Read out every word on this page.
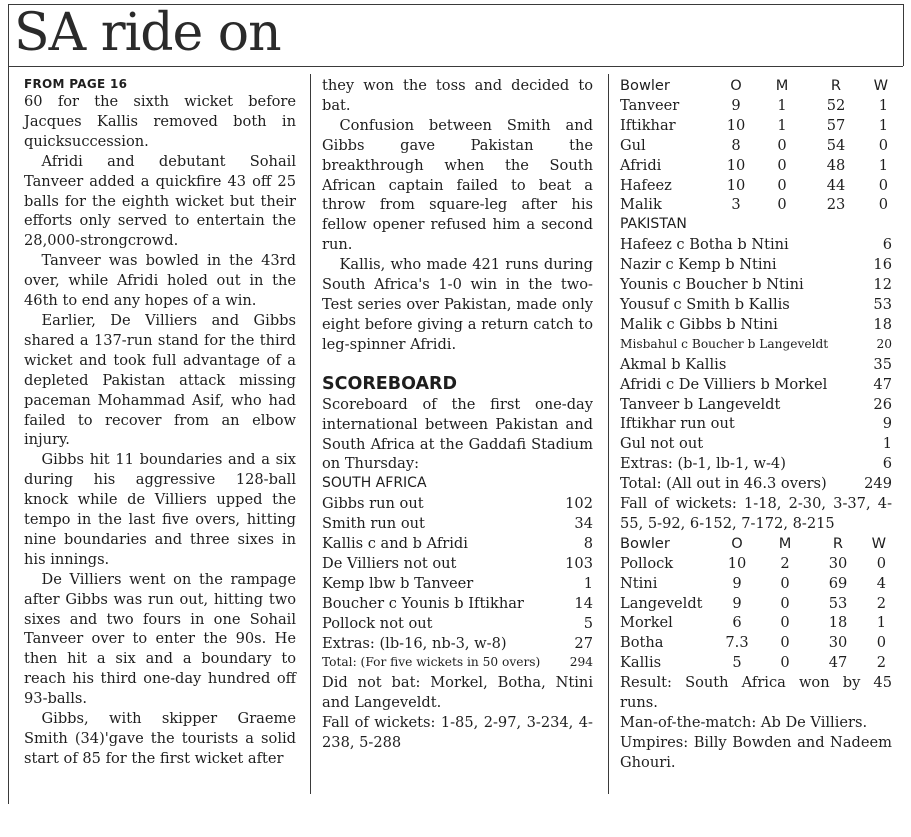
SA ride on
FROM PAGE 16

60 for the sixth wicket before Jacques Kallis removed both in quicksuccession.

Afridi and debutant Sohail Tanveer added a quickfire 43 off 25 balls for the eighth wicket but their efforts only served to entertain the 28,000-strongcrowd.

Tanveer was bowled in the 43rd over, while Afridi holed out in the 46th to end any hopes of a win.

Earlier, De Villiers and Gibbs shared a 137-run stand for the third wicket and took full advantage of a depleted Pakistan attack missing paceman Mohammad Asif, who had failed to recover from an elbow injury.

Gibbs hit 11 boundaries and a six during his aggressive 128-ball knock while de Villiers upped the tempo in the last five overs, hitting nine boundaries and three sixes in his innings.

De Villiers went on the rampage after Gibbs was run out, hitting two sixes and two fours in one Sohail Tanveer over to enter the 90s. He then hit a six and a boundary to reach his third one-day hundred off 93-balls.

Gibbs, with skipper Graeme Smith (34)'gave the tourists a solid start of 85 for the first wicket after

they won the toss and decided to bat.

Confusion between Smith and Gibbs gave Pakistan the breakthrough when the South African captain failed to beat a throw from square-leg after his fellow opener refused him a second run.

Kallis, who made 421 runs during South Africa's 1-0 win in the two-Test series over Pakistan, made only eight before giving a return catch to leg-spinner Afridi.

SCOREBOARD

Scoreboard of the first one-day international between Pakistan and South Africa at the Gaddafi Stadium on Thursday:

SOUTH AFRICA
Gibbs run out	102
Smith run out	34
Kallis c and b Afridi	8
De Villiers not out	103
Kemp lbw b Tanveer	1
Boucher c Younis b Iftikhar	14
Pollock not out	5
Extras: (lb-16, nb-3, w-8)	27
Total: (For five wickets in 50 overs) 294

Did not bat: Morkel, Botha, Ntini and Langeveldt.

Fall of wickets: 1-85, 2-97, 3-234, 4-238, 5-288

Bowler	O	M	R	W
Tanveer	9	1	52	1
Iftikhar	10	1	57	1
Gul	8	0	54	0
Afridi	10	0	48	1
Hafeez	10	0	44	0
Malik	3	0	23	0
PAKISTAN
Hafeez c Botha b Ntini	6
Nazir c Kemp b Ntini	16
Younis c Boucher b Ntini	12
Yousuf c Smith b Kallis	53
Malik c Gibbs b Ntini	18
Misbahul c Boucher b Langeveldt	20
Akmal b Kallis	35
Afridi c De Villiers b Morkel	47
Tanveer b Langeveldt	26
Iftikhar run out	9
Gul not out	1
Extras: (b-1, lb-1, w-4)	6
Total: (All out in 46.3 overs)	249

Fall of wickets: 1-18, 2-30, 3-37, 4-55, 5-92, 6-152, 7-172, 8-215

Bowler	O	M	R	W
Pollock	10	2	30	0
Ntini	9	0	69	4
Langeveldt	9	0	53	2
Morkel	6	0	18	1
Botha	7.3	0	30	0
Kallis	5	0	47	2

Result: South Africa won by 45 runs.

Man-of-the-match: Ab De Villiers.

Umpires: Billy Bowden and Nadeem Ghouri.
